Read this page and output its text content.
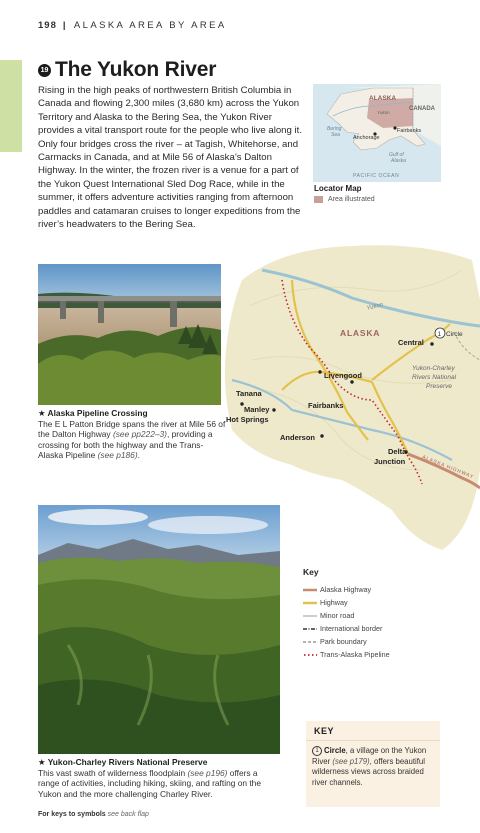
198 | ALASKA AREA BY AREA
19 The Yukon River
Rising in the high peaks of northwestern British Columbia in Canada and flowing 2,300 miles (3,680 km) across the Yukon Territory and Alaska to the Bering Sea, the Yukon River provides a vital transport route for the people who live along it. Only four bridges cross the river – at Tagish, Whitehorse, and Carmacks in Canada, and at Mile 56 of Alaska’s Dalton Highway. In the winter, the frozen river is a venue for a part of the Yukon Quest International Sled Dog Race, while in the summer, it offers adventure activities ranging from afternoon paddles and catamaran cruises to longer expeditions from the river’s headwaters to the Bering Sea.
ALASKA
CANADA
Yukon
Bering
Sea Anchorage
Fairbanks
Gulf of
Alaska
PACIFIC OCEAN
Locator Map
Area illustrated
★ Alaska Pipeline Crossing
The E L Patton Bridge spans the river at Mile 56 of the Dalton Highway (see pp222–3), providing a crossing for both the highway and the Trans-Alaska Pipeline (see p186).
★ Yukon-Charley Rivers National Preserve
This vast swath of wilderness floodplain (see p196) offers a range of activities, including hiking, skiing, and rafting on the Yukon and the more challenging Charley River.
1
Yukon
ALASKA	Circle
Central
Livengood
Yukon-Charley
Rivers National
Preserve
Tanana
Manley
Hot Springs
Fairbanks
Anderson
Delta
Junction	ALASKA HIGHWAY
Key
Alaska Highway
Highway
Minor road
International border
Park boundary
Trans-Alaska Pipeline
KEY
1 Circle, a village on the Yukon River (see p179), offers beautiful wilderness views across braided river channels.
For keys to symbols see back flap
